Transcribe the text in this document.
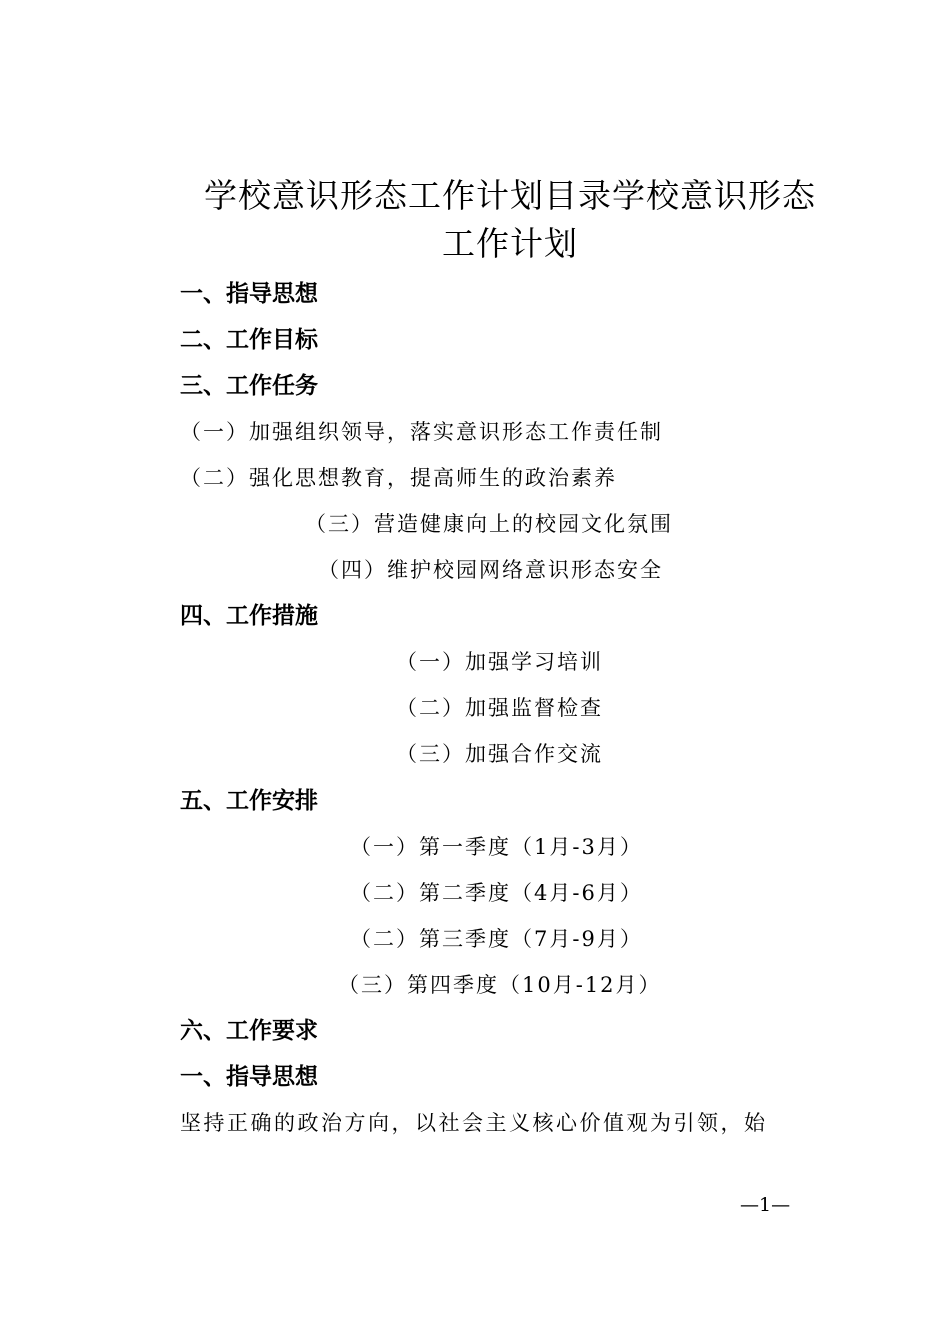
学校意识形态工作计划目录学校意识形态
工作计划
一、指导思想
二、工作目标
三、工作任务
（一）加强组织领导，落实意识形态工作责任制
（二）强化思想教育，提高师生的政治素养
（三）营造健康向上的校园文化氛围
（四）维护校园网络意识形态安全
四、工作措施
（一）加强学习培训
（二）加强监督检查
（三）加强合作交流
五、工作安排
（一）第一季度（1月-3月）
（二）第二季度（4月-6月）
（二）第三季度（7月-9月）
（三）第四季度（10月-12月）
六、工作要求
一、指导思想
坚持正确的政治方向，以社会主义核心价值观为引领，始
—1—
